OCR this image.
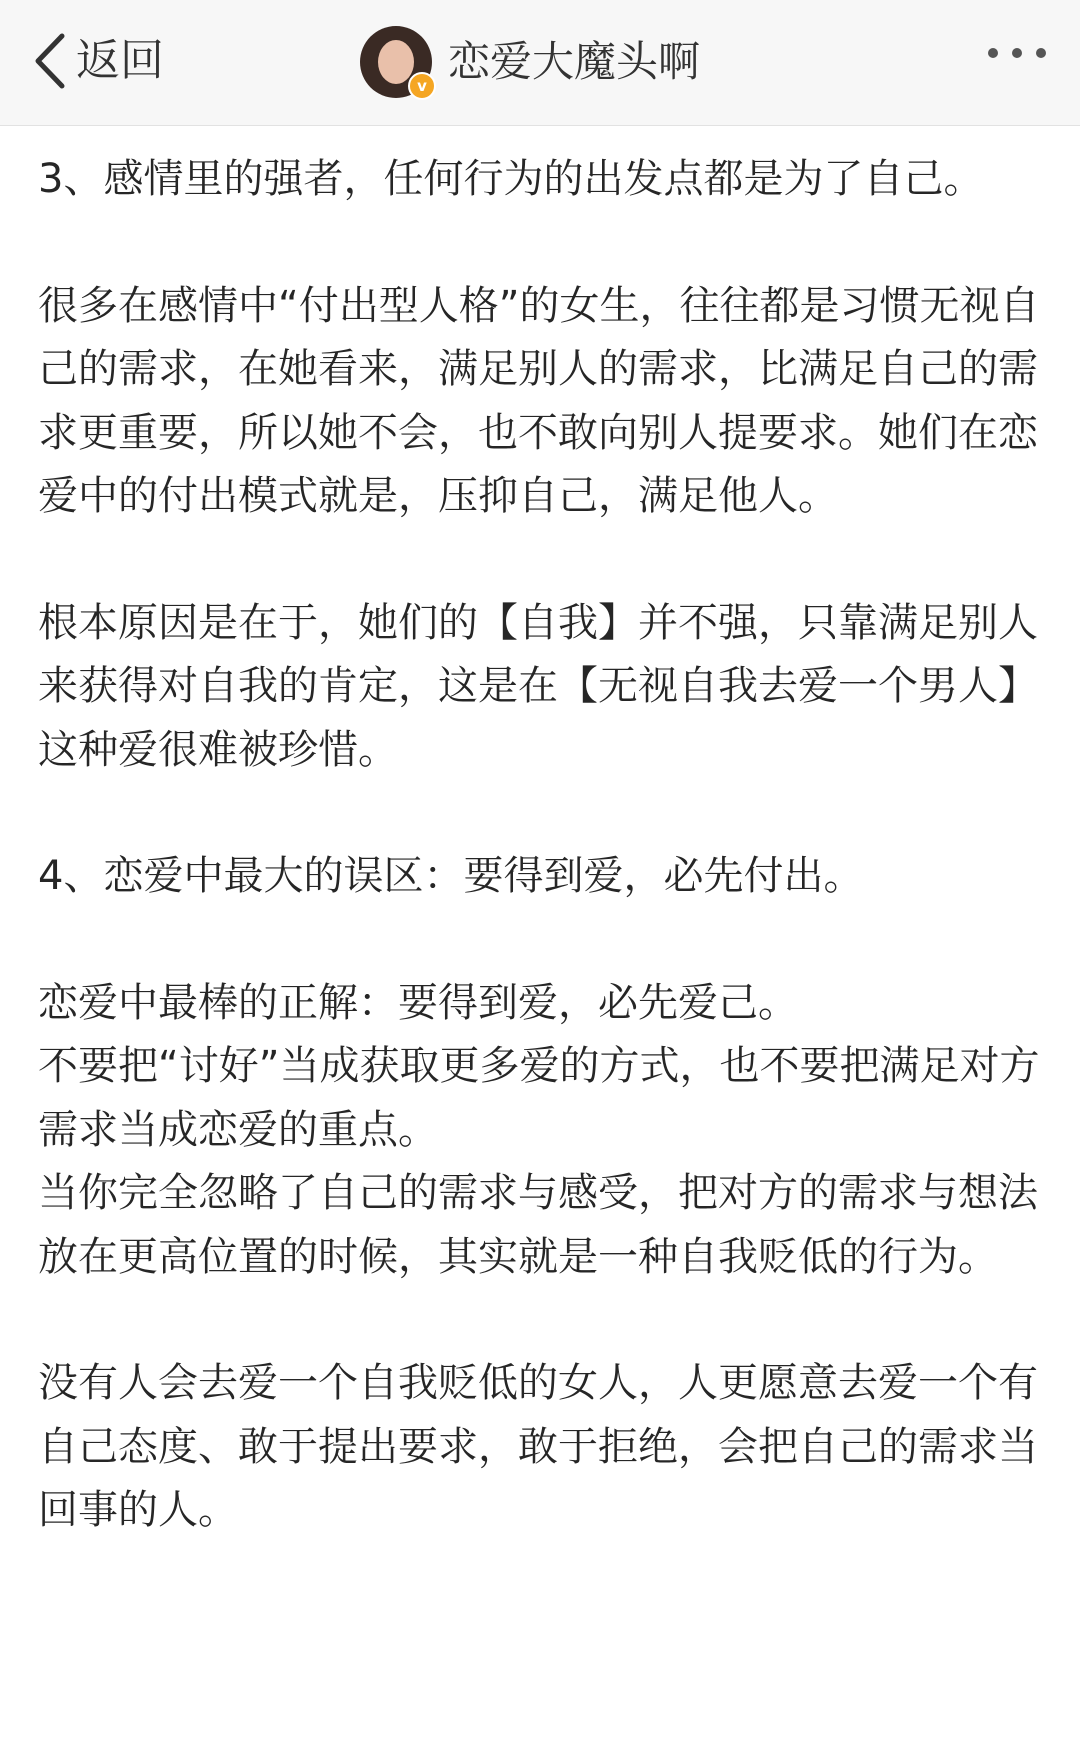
返回	v 恋爱大魔头啊

3、感情里的强者，任何行为的出发点都是为了自己。

很多在感情中“付出型人格”的女生，往往都是习惯无视自己的需求，在她看来，满足别人的需求，比满足自己的需求更重要，所以她不会，也不敢向别人提要求。她们在恋爱中的付出模式就是，压抑自己，满足他人。

根本原因是在于，她们的【自我】并不强，只靠满足别人来获得对自我的肯定，这是在【无视自我去爱一个男人】这种爱很难被珍惜。

4、恋爱中最大的误区：要得到爱，必先付出。

恋爱中最棒的正解：要得到爱，必先爱己。

不要把“讨好”当成获取更多爱的方式，也不要把满足对方需求当成恋爱的重点。

当你完全忽略了自己的需求与感受，把对方的需求与想法放在更高位置的时候，其实就是一种自我贬低的行为。

没有人会去爱一个自我贬低的女人，人更愿意去爱一个有自己态度、敢于提出要求，敢于拒绝，会把自己的需求当回事的人。
